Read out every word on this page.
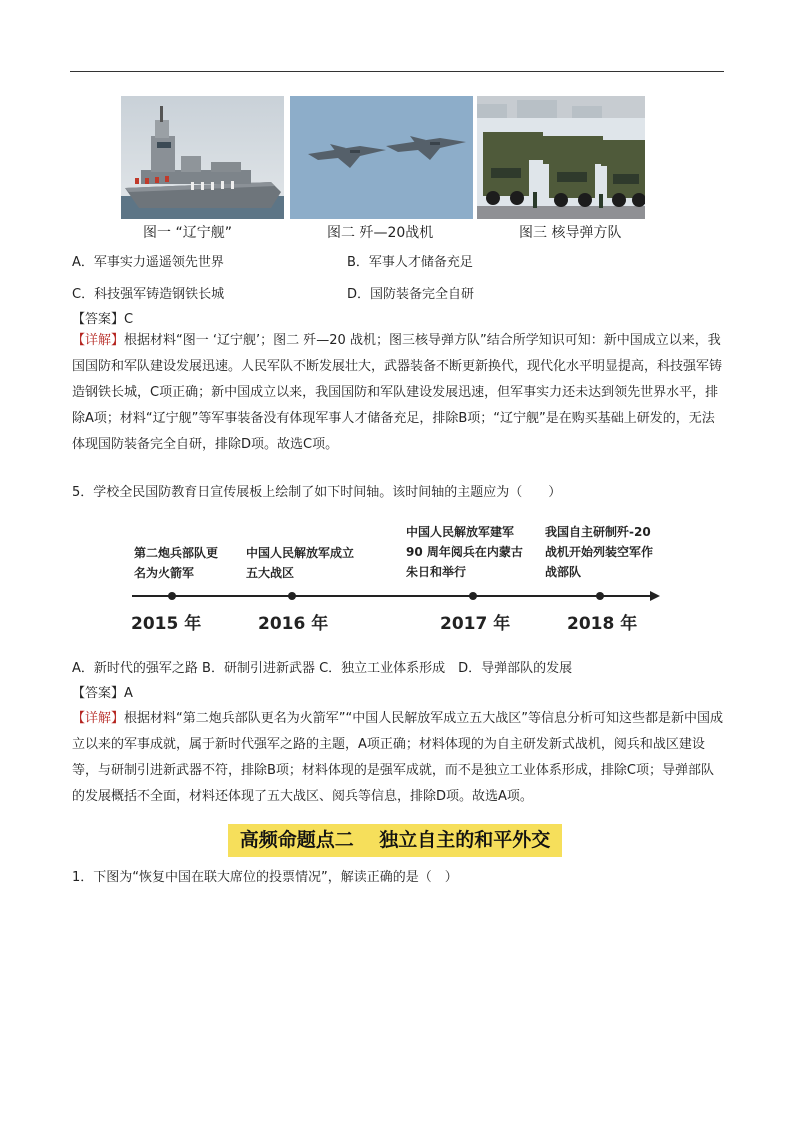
图一 “辽宁舰”	图二 歼—20战机	图三 核导弹方队
A．军事实力遥遥领先世界	B．军事人才储备充足
C．科技强军铸造钢铁长城	D．国防装备完全自研
【答案】C
【详解】根据材料“图一 ‘辽宁舰’；图二 歼—20 战机；图三核导弹方队”结合所学知识可知：新中国成立以来，我国国防和军队建设发展迅速。人民军队不断发展壮大，武器装备不断更新换代，现代化水平明显提高，科技强军铸造钢铁长城，C项正确；新中国成立以来，我国国防和军队建设发展迅速，但军事实力还未达到领先世界水平，排除A项；材料“辽宁舰”等军事装备没有体现军事人才储备充足，排除B项；“辽宁舰”是在购买基础上研发的，无法体现国防装备完全自研，排除D项。故选C项。
5．学校全民国防教育日宣传展板上绘制了如下时间轴。该时间轴的主题应为（　　）
第二炮兵部队更名为火箭军
中国人民解放军成立五大战区
中国人民解放军建军 90 周年阅兵在内蒙古朱日和举行
我国自主研制歼-20 战机开始列装空军作战部队
2015 年	2016 年	2017 年	2018 年
A．新时代的强军之路 B．研制引进新武器 C．独立工业体系形成　D．导弹部队的发展
【答案】A
【详解】根据材料“第二炮兵部队更名为火箭军”“中国人民解放军成立五大战区”等信息分析可知这些都是新中国成立以来的军事成就，属于新时代强军之路的主题，A项正确；材料体现的为自主研发新式战机，阅兵和战区建设等，与研制引进新武器不符，排除B项；材料体现的是强军成就，而不是独立工业体系形成，排除C项；导弹部队的发展概括不全面，材料还体现了五大战区、阅兵等信息，排除D项。故选A项。
高频命题点二　 独立自主的和平外交
1．下图为“恢复中国在联大席位的投票情况”，解读正确的是（　）
